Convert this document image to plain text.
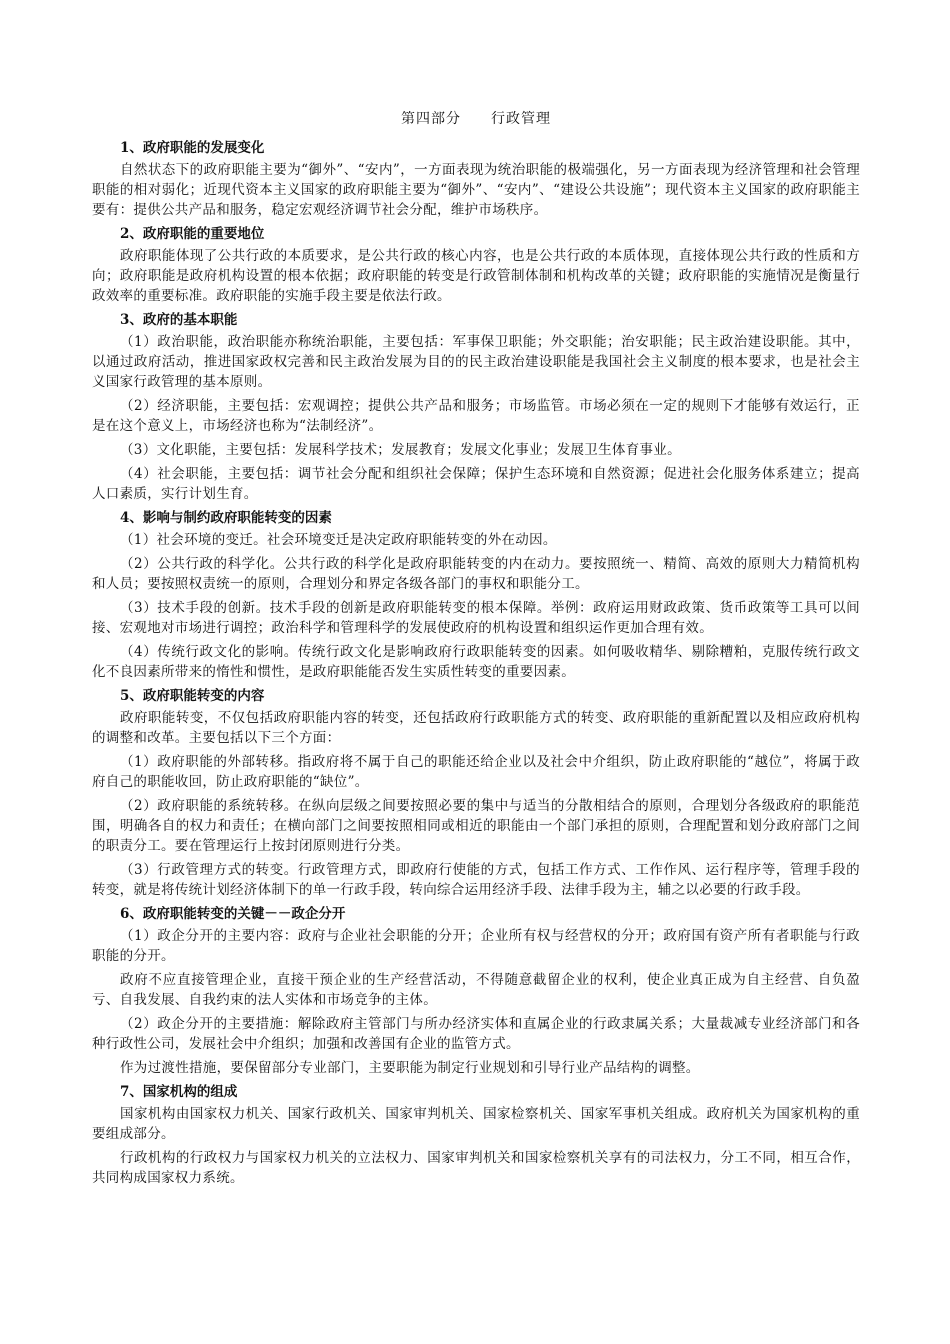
第四部分　　行政管理
1、政府职能的发展变化

自然状态下的政府职能主要为“御外”、“安内”，一方面表现为统治职能的极端强化，另一方面表现为经济管理和社会管理职能的相对弱化；近现代资本主义国家的政府职能主要为“御外”、“安内”、“建设公共设施”；现代资本主义国家的政府职能主要有：提供公共产品和服务，稳定宏观经济调节社会分配，维护市场秩序。

2、政府职能的重要地位

政府职能体现了公共行政的本质要求，是公共行政的核心内容，也是公共行政的本质体现，直接体现公共行政的性质和方向；政府职能是政府机构设置的根本依据；政府职能的转变是行政管制体制和机构改革的关键；政府职能的实施情况是衡量行政效率的重要标准。政府职能的实施手段主要是依法行政。

3、政府的基本职能

（1）政治职能，政治职能亦称统治职能，主要包括：军事保卫职能；外交职能；治安职能；民主政治建设职能。其中，以通过政府活动，推进国家政权完善和民主政治发展为目的的民主政治建设职能是我国社会主义制度的根本要求，也是社会主义国家行政管理的基本原则。

（2）经济职能，主要包括：宏观调控；提供公共产品和服务；市场监管。市场必须在一定的规则下才能够有效运行，正是在这个意义上，市场经济也称为“法制经济”。

（3）文化职能，主要包括：发展科学技术；发展教育；发展文化事业；发展卫生体育事业。

（4）社会职能，主要包括：调节社会分配和组织社会保障；保护生态环境和自然资源；促进社会化服务体系建立；提高人口素质，实行计划生育。

4、影响与制约政府职能转变的因素

（1）社会环境的变迁。社会环境变迁是决定政府职能转变的外在动因。

（2）公共行政的科学化。公共行政的科学化是政府职能转变的内在动力。要按照统一、精简、高效的原则大力精简机构和人员；要按照权责统一的原则，合理划分和界定各级各部门的事权和职能分工。

（3）技术手段的创新。技术手段的创新是政府职能转变的根本保障。举例：政府运用财政政策、货币政策等工具可以间接、宏观地对市场进行调控；政治科学和管理科学的发展使政府的机构设置和组织运作更加合理有效。

（4）传统行政文化的影响。传统行政文化是影响政府行政职能转变的因素。如何吸收精华、剔除糟粕，克服传统行政文化不良因素所带来的惰性和惯性，是政府职能能否发生实质性转变的重要因素。

5、政府职能转变的内容

政府职能转变，不仅包括政府职能内容的转变，还包括政府行政职能方式的转变、政府职能的重新配置以及相应政府机构的调整和改革。主要包括以下三个方面：

（1）政府职能的外部转移。指政府将不属于自己的职能还给企业以及社会中介组织，防止政府职能的“越位”，将属于政府自己的职能收回，防止政府职能的“缺位”。

（2）政府职能的系统转移。在纵向层级之间要按照必要的集中与适当的分散相结合的原则，合理划分各级政府的职能范围，明确各自的权力和责任；在横向部门之间要按照相同或相近的职能由一个部门承担的原则，合理配置和划分政府部门之间的职责分工。要在管理运行上按封闭原则进行分类。

（3）行政管理方式的转变。行政管理方式，即政府行使能的方式，包括工作方式、工作作风、运行程序等，管理手段的转变，就是将传统计划经济体制下的单一行政手段，转向综合运用经济手段、法律手段为主，辅之以必要的行政手段。

6、政府职能转变的关键－－政企分开

（1）政企分开的主要内容：政府与企业社会职能的分开；企业所有权与经营权的分开；政府国有资产所有者职能与行政职能的分开。

政府不应直接管理企业，直接干预企业的生产经营活动，不得随意截留企业的权利，使企业真正成为自主经营、自负盈亏、自我发展、自我约束的法人实体和市场竞争的主体。

（2）政企分开的主要措施：解除政府主管部门与所办经济实体和直属企业的行政隶属关系；大量裁减专业经济部门和各种行政性公司，发展社会中介组织；加强和改善国有企业的监管方式。

作为过渡性措施，要保留部分专业部门，主要职能为制定行业规划和引导行业产品结构的调整。

7、国家机构的组成

国家机构由国家权力机关、国家行政机关、国家审判机关、国家检察机关、国家军事机关组成。政府机关为国家机构的重要组成部分。

行政机构的行政权力与国家权力机关的立法权力、国家审判机关和国家检察机关享有的司法权力，分工不同，相互合作，共同构成国家权力系统。
